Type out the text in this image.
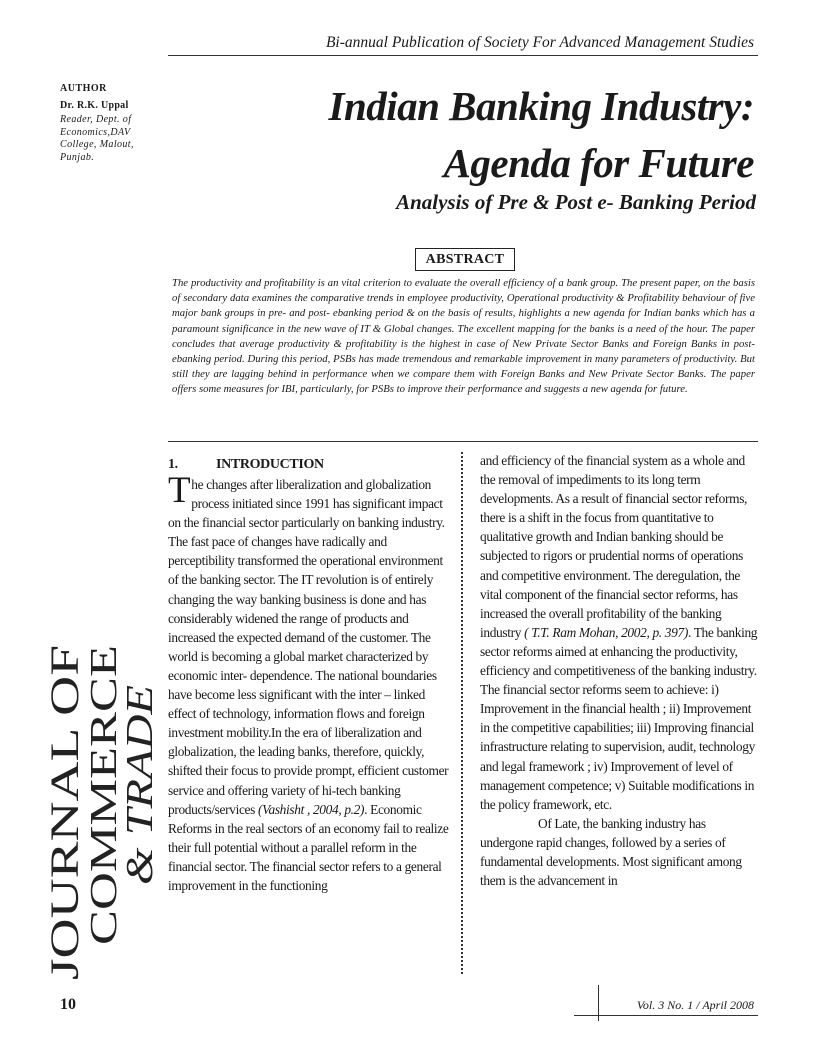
Bi-annual Publication of Society For Advanced Management Studies
AUTHOR
Dr. R.K. Uppal
Reader, Dept. of Economics,DAV College, Malout, Punjab.
Indian Banking Industry:
Agenda for Future
Analysis of Pre & Post e- Banking Period
ABSTRACT
The productivity and profitability is an vital criterion to evaluate the overall efficiency of a bank group. The present paper, on the basis of secondary data examines the comparative trends in employee productivity, Operational productivity & Profitability behaviour of five major bank groups in pre- and post- ebanking period & on the basis of results, highlights a new agenda for Indian banks which has a paramount significance in the new wave of IT & Global changes. The excellent mapping for the banks is a need of the hour. The paper concludes that average productivity & profitability is the highest in case of New Private Sector Banks and Foreign Banks in post- ebanking period. During this period, PSBs has made tremendous and remarkable improvement in many parameters of productivity. But still they are lagging behind in performance when we compare them with Foreign Banks and New Private Sector Banks. The paper offers some measures for IBI, particularly, for PSBs to improve their performance and suggests a new agenda for future.
1.	INTRODUCTION

The changes after liberalization and globalization process initiated since 1991 has significant impact on the financial sector particularly on banking industry. The fast pace of changes have radically and perceptibility transformed the operational environment of the banking sector. The IT revolution is of entirely changing the way banking business is done and has considerably widened the range of products and increased the expected demand of the customer. The world is becoming a global market characterized by economic inter- dependence. The national boundaries have become less significant with the inter – linked effect of technology, information flows and foreign investment mobility.In the era of liberalization and globalization, the leading banks, therefore, quickly, shifted their focus to provide prompt, efficient customer service and offering variety of hi-tech banking products/services (Vashisht , 2004, p.2). Economic Reforms in the real sectors of an economy fail to realize their full potential without a parallel reform in the financial sector. The financial sector refers to a general improvement in the functioning

and efficiency of the financial system as a whole and the removal of impediments to its long term developments. As a result of financial sector reforms, there is a shift in the focus from quantitative to qualitative growth and Indian banking should be subjected to rigors or prudential norms of operations and competitive environment. The deregulation, the vital component of the financial sector reforms, has increased the overall profitability of the banking industry ( T.T. Ram Mohan, 2002, p. 397). The banking sector reforms aimed at enhancing the productivity, efficiency and competitiveness of the banking industry. The financial sector reforms seem to achieve: i) Improvement in the financial health ; ii) Improvement in the competitive capabilities; iii) Improving financial infrastructure relating to supervision, audit, technology and legal framework ; iv) Improvement of level of management competence; v) Suitable modifications in the policy framework, etc.

Of Late, the banking industry has undergone rapid changes, followed by a series of fundamental developments. Most significant among them is the advancement in

JOURNAL OF
COMMERCE
& TRADE
10	Vol. 3 No. 1 / April 2008
